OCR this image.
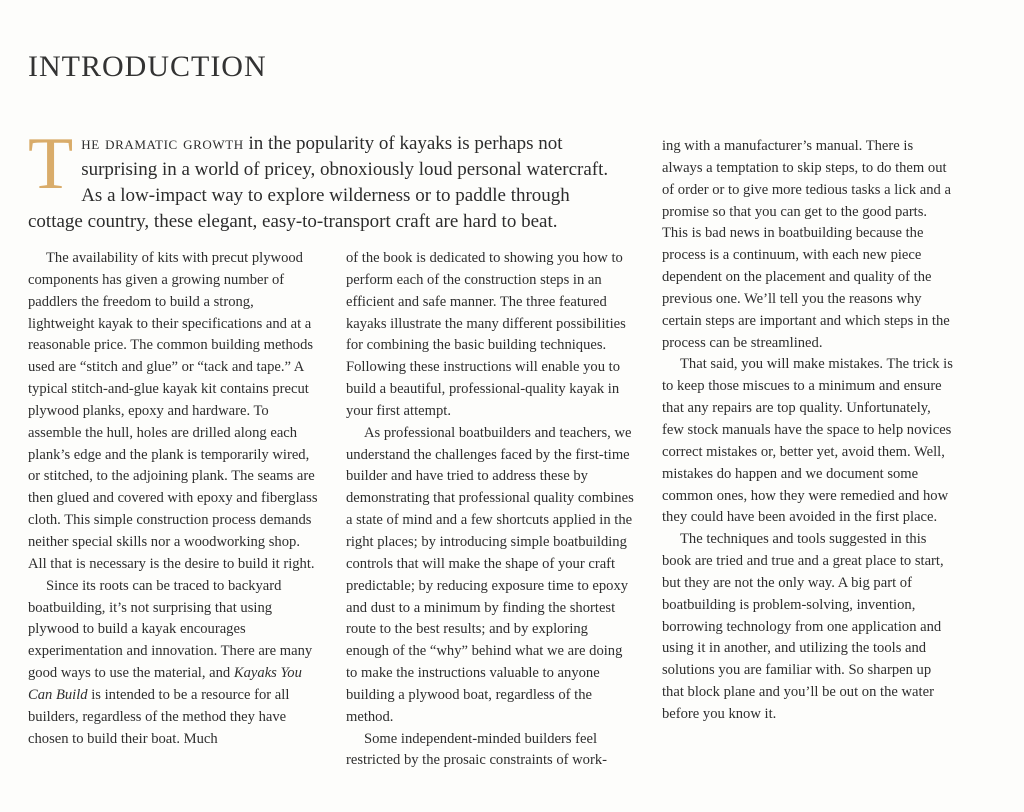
INTRODUCTION
The dramatic growth in the popularity of kayaks is perhaps not surprising in a world of pricey, obnoxiously loud personal watercraft. As a low-impact way to explore wilderness or to paddle through cottage country, these elegant, easy-to-transport craft are hard to beat.

The availability of kits with precut plywood components has given a growing number of paddlers the freedom to build a strong, lightweight kayak to their specifications and at a reasonable price. The common building methods used are “stitch and glue” or “tack and tape.” A typical stitch-and-glue kayak kit contains precut plywood planks, epoxy and hardware. To assemble the hull, holes are drilled along each plank’s edge and the plank is temporarily wired, or stitched, to the adjoining plank. The seams are then glued and covered with epoxy and fiberglass cloth. This simple construction process demands neither special skills nor a woodworking shop. All that is necessary is the desire to build it right.

Since its roots can be traced to backyard boatbuilding, it’s not surprising that using plywood to build a kayak encourages experimentation and innovation. There are many good ways to use the material, and Kayaks You Can Build is intended to be a resource for all builders, regardless of the method they have chosen to build their boat. Much

of the book is dedicated to showing you how to perform each of the construction steps in an efficient and safe manner. The three featured kayaks illustrate the many different possibilities for combining the basic building techniques. Following these instructions will enable you to build a beautiful, professional-quality kayak in your first attempt.

As professional boatbuilders and teachers, we understand the challenges faced by the first-time builder and have tried to address these by demonstrating that professional quality combines a state of mind and a few shortcuts applied in the right places; by introducing simple boatbuilding controls that will make the shape of your craft predictable; by reducing exposure time to epoxy and dust to a minimum by finding the shortest route to the best results; and by exploring enough of the “why” behind what we are doing to make the instructions valuable to anyone building a plywood boat, regardless of the method.

Some independent-minded builders feel restricted by the prosaic constraints of work-

ing with a manufacturer’s manual. There is always a temptation to skip steps, to do them out of order or to give more tedious tasks a lick and a promise so that you can get to the good parts. This is bad news in boatbuilding because the process is a continuum, with each new piece dependent on the placement and quality of the previous one. We’ll tell you the reasons why certain steps are important and which steps in the process can be streamlined.

That said, you will make mistakes. The trick is to keep those miscues to a minimum and ensure that any repairs are top quality. Unfortunately, few stock manuals have the space to help novices correct mistakes or, better yet, avoid them. Well, mistakes do happen and we document some common ones, how they were remedied and how they could have been avoided in the first place.

The techniques and tools suggested in this book are tried and true and a great place to start, but they are not the only way. A big part of boatbuilding is problem-solving, invention, borrowing technology from one application and using it in another, and utilizing the tools and solutions you are familiar with. So sharpen up that block plane and you’ll be out on the water before you know it.
